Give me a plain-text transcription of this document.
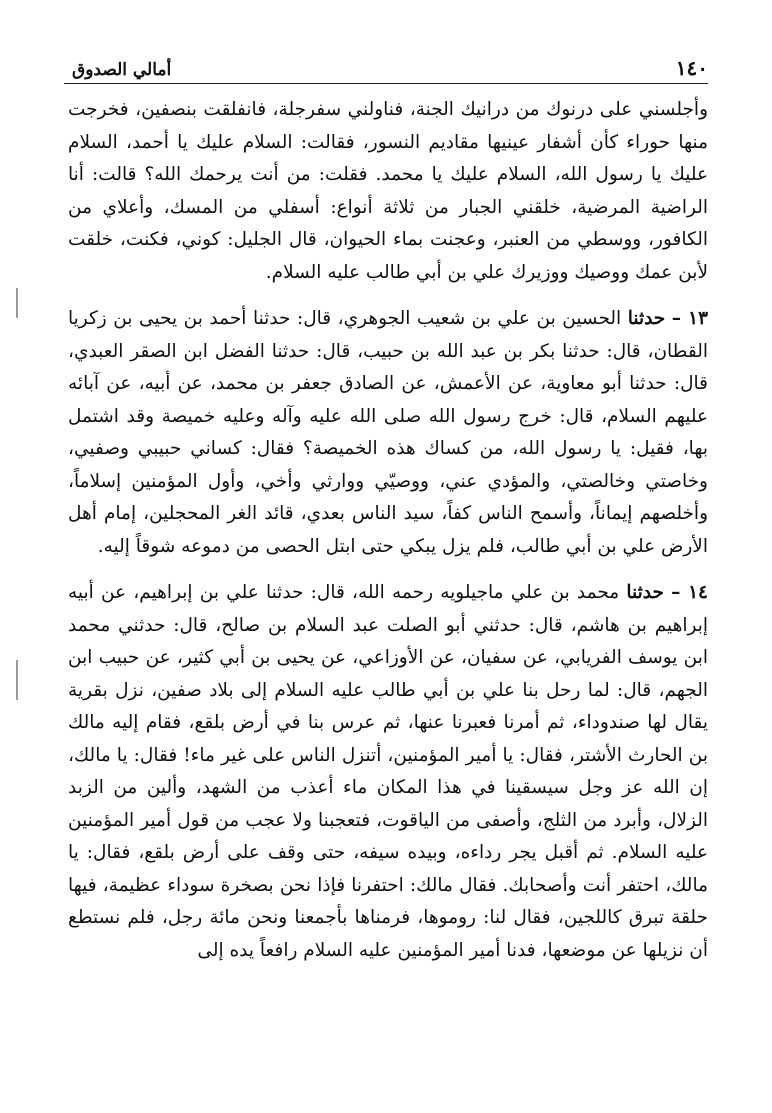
أمالي الصدوق	١٤٠

وأجلسني على درنوك من درانيك الجنة، فناولني سفرجلة، فانفلقت بنصفين، فخرجت منها حوراء كأن أشفار عينيها مقاديم النسور، فقالت: السلام عليك يا أحمد، السلام عليك يا رسول الله، السلام عليك يا محمد. فقلت: من أنت يرحمك الله؟ قالت: أنا الراضية المرضية، خلقني الجبار من ثلاثة أنواع: أسفلي من المسك، وأعلاي من الكافور، ووسطي من العنبر، وعجنت بماء الحيوان، قال الجليل: كوني، فكنت، خلقت لأبن عمك ووصيك ووزيرك علي بن أبي طالب عليه السلام.

١٣ – حدثنا الحسين بن علي بن شعيب الجوهري، قال: حدثنا أحمد بن يحيى بن زكريا القطان، قال: حدثنا بكر بن عبد الله بن حبيب، قال: حدثنا الفضل ابن الصقر العبدي، قال: حدثنا أبو معاوية، عن الأعمش، عن الصادق جعفر بن محمد، عن أبيه، عن آبائه عليهم السلام، قال: خرج رسول الله صلى الله عليه وآله وعليه خميصة وقد اشتمل بها، فقيل: يا رسول الله، من كساك هذه الخميصة؟ فقال: كساني حبيبي وصفيي، وخاصتي وخالصتي، والمؤدي عني، ووصيّي ووارثي وأخي، وأول المؤمنين إسلاماً، وأخلصهم إيماناً، وأسمح الناس كفاً، سيد الناس بعدي، قائد الغر المحجلين، إمام أهل الأرض علي بن أبي طالب، فلم يزل يبكي حتى ابتل الحصى من دموعه شوقاً إليه.

١٤ – حدثنا محمد بن علي ماجيلويه رحمه الله، قال: حدثنا علي بن إبراهيم، عن أبيه إبراهيم بن هاشم، قال: حدثني أبو الصلت عبد السلام بن صالح، قال: حدثني محمد ابن يوسف الفريابي، عن سفيان، عن الأوزاعي، عن يحيى بن أبي كثير، عن حبيب ابن الجهم، قال: لما رحل بنا علي بن أبي طالب عليه السلام إلى بلاد صفين، نزل بقرية يقال لها صندوداء، ثم أمرنا فعبرنا عنها، ثم عرس بنا في أرض بلقع، فقام إليه مالك بن الحارث الأشتر، فقال: يا أمير المؤمنين، أتنزل الناس على غير ماء! فقال: يا مالك، إن الله عز وجل سيسقينا في هذا المكان ماء أعذب من الشهد، وألين من الزبد الزلال، وأبرد من الثلج، وأصفى من الياقوت، فتعجبنا ولا عجب من قول أمير المؤمنين عليه السلام. ثم أقبل يجر رداءه، وبيده سيفه، حتى وقف على أرض بلقع، فقال: يا مالك، احتفر أنت وأصحابك. فقال مالك: احتفرنا فإذا نحن بصخرة سوداء عظيمة، فيها حلقة تبرق كاللجين، فقال لنا: روموها، فرمناها بأجمعنا ونحن مائة رجل، فلم نستطع أن نزيلها عن موضعها، فدنا أمير المؤمنين عليه السلام رافعاً يده إلى
